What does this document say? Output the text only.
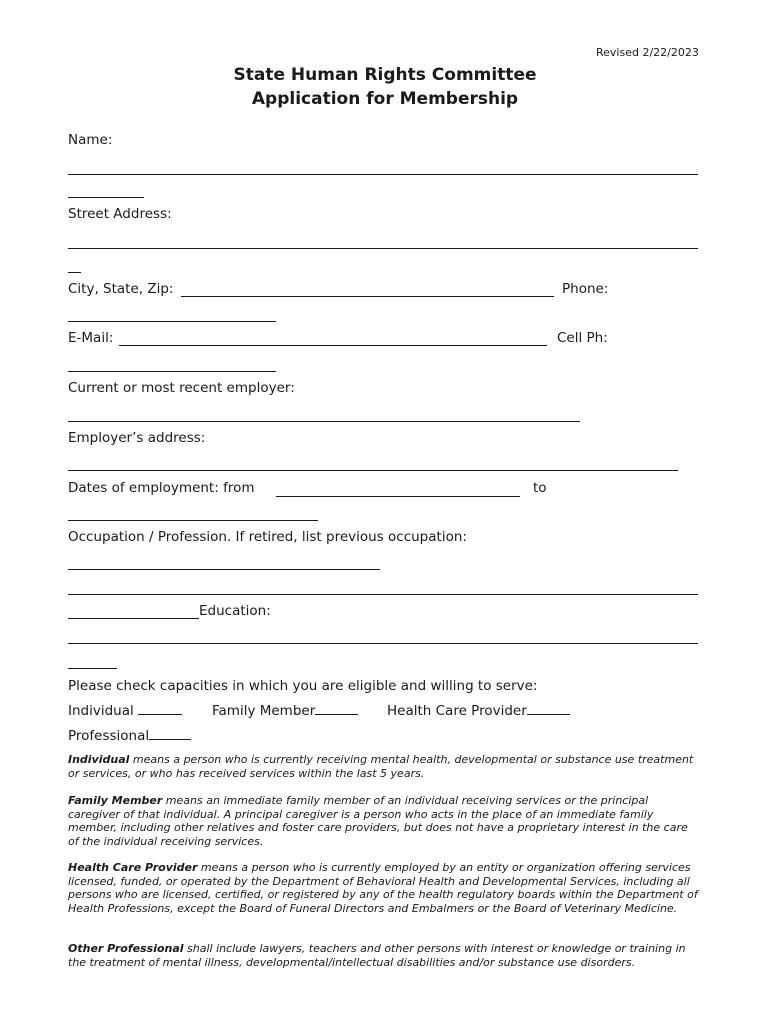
Revised 2/22/2023
State Human Rights Committee
Application for Membership
Name:
Street Address:
City, State, Zip:	Phone:
E-Mail:	Cell Ph:
Current or most recent employer:
Employer’s address:
Dates of employment: from	to
Occupation / Profession. If retired, list previous occupation:
Education:
Please check capacities in which you are eligible and willing to serve:
Individual	Family Member	Health Care Provider
Professional
Individual means a person who is currently receiving mental health, developmental or substance use treatment or services, or who has received services within the last 5 years.
Family Member means an immediate family member of an individual receiving services or the principal caregiver of that individual. A principal caregiver is a person who acts in the place of an immediate family member, including other relatives and foster care providers, but does not have a proprietary interest in the care of the individual receiving services.
Health Care Provider means a person who is currently employed by an entity or organization offering services licensed, funded, or operated by the Department of Behavioral Health and Developmental Services, including all persons who are licensed, certified, or registered by any of the health regulatory boards within the Department of Health Professions, except the Board of Funeral Directors and Embalmers or the Board of Veterinary Medicine.
Other Professional shall include lawyers, teachers and other persons with interest or knowledge or training in the treatment of mental illness, developmental/intellectual disabilities and/or substance use disorders.
